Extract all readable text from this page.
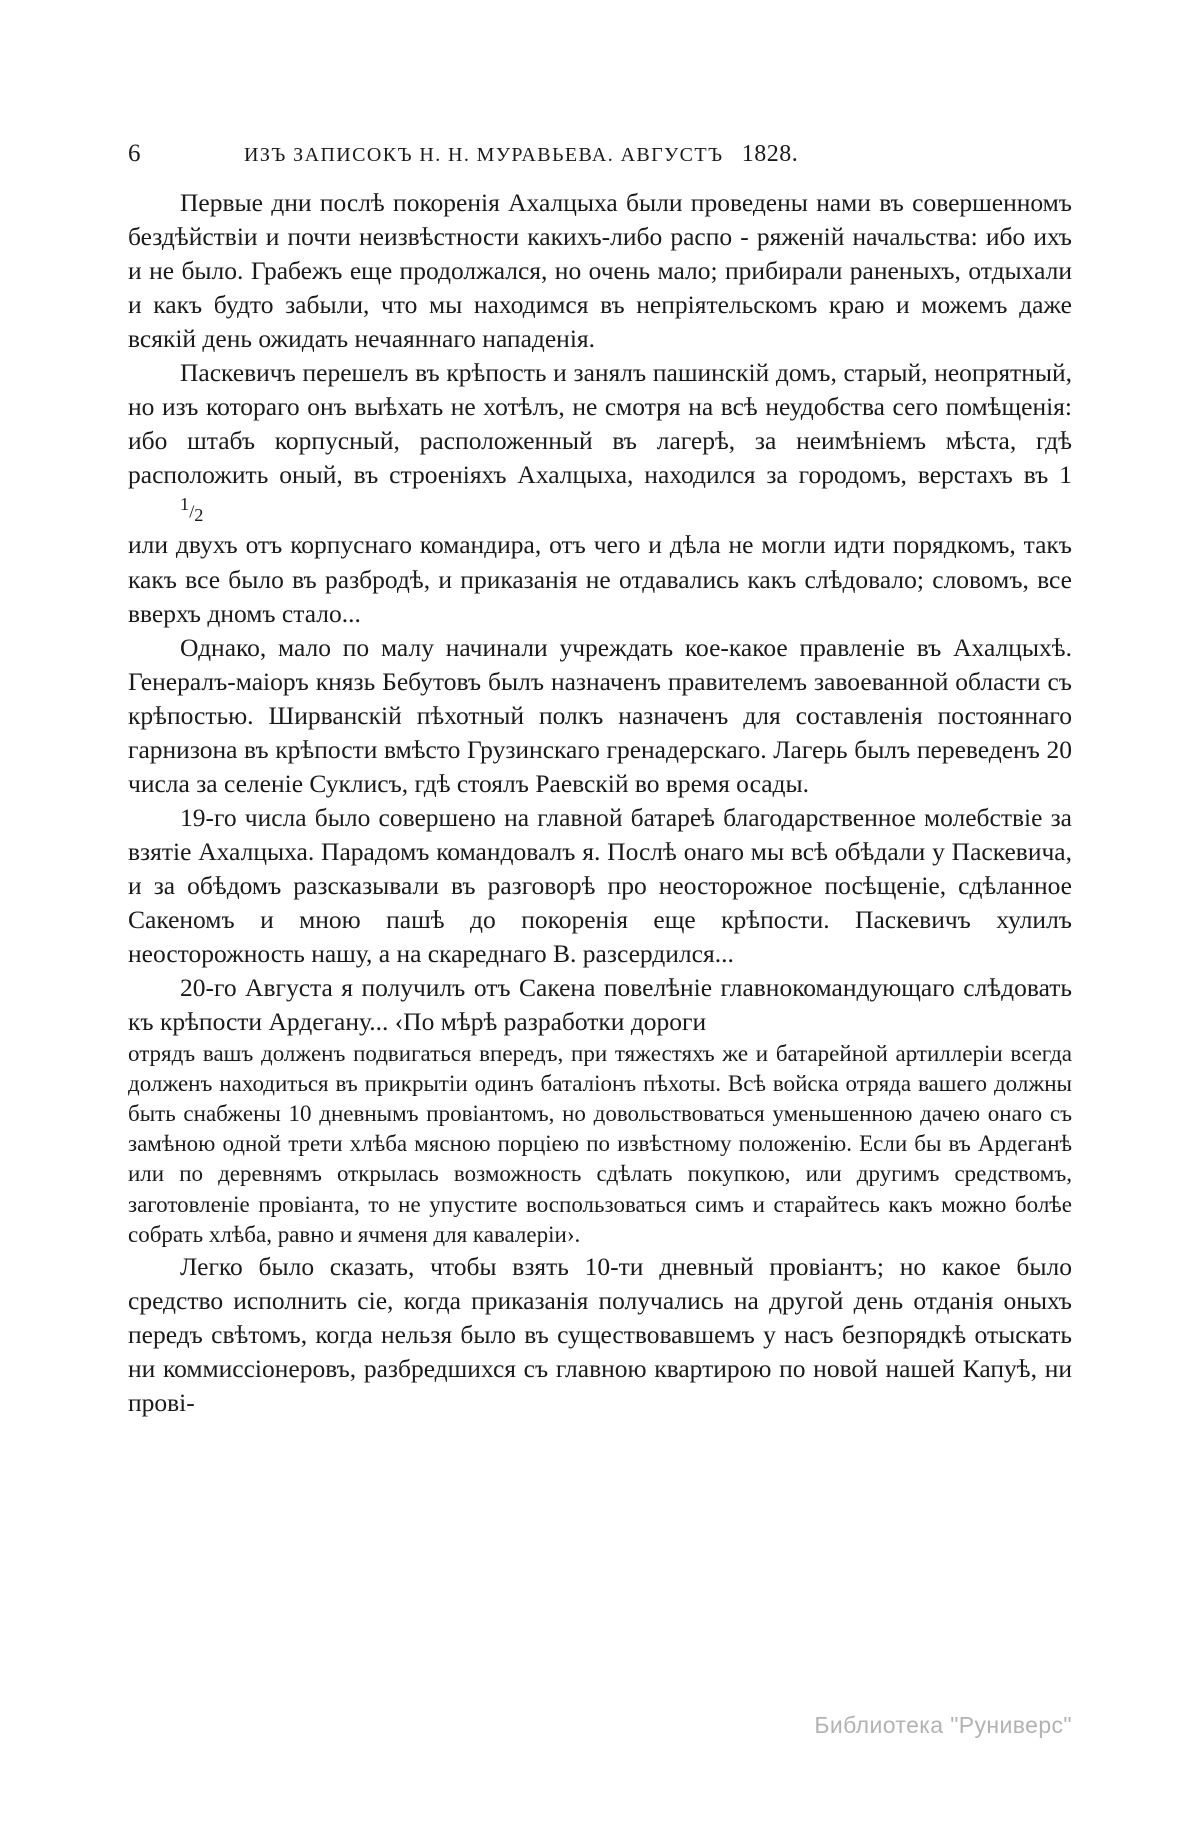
6	ИЗЪ ЗАПИСОКЪ Н. Н. МУРАВЬЕВА. АВГУСТЪ 1828.

Первые дни послѣ покоренія Ахалцыха были проведены нами въ совершенномъ бездѣйствіи и почти неизвѣстности какихъ-либо распо - ряженій начальства: ибо ихъ и не было. Грабежъ еще продолжался, но очень мало; прибирали раненыхъ, отдыхали и какъ будто забыли, что мы находимся въ непріятельскомъ краю и можемъ даже всякій день ожидать нечаяннаго нападенія.

Паскевичъ перешелъ въ крѣпость и занялъ пашинскій домъ, старый, неопрятный, но изъ котораго онъ выѣхать не хотѣлъ, не смотря на всѣ неудобства сего помѣщенія: ибо штабъ корпусный, расположенный въ лагерѣ, за неимѣніемъ мѣста, гдѣ расположить оный, въ строеніяхъ Ахалцыха, находился за городомъ, верстахъ въ $1^1/_2$

или двухъ отъ корпуснаго командира, отъ чего и дѣла не могли идти порядкомъ, такъ какъ все было въ разбродѣ, и приказанія не отдавались какъ слѣдовало; словомъ, все вверхъ дномъ стало...

Однако, мало по малу начинали учреждать кое-какое правленіе въ Ахалцыхѣ. Генералъ-маіоръ князь Бебутовъ былъ назначенъ правителемъ завоеванной области съ крѣпостью. Ширванскій пѣхотный полкъ назначенъ для составленія постояннаго гарнизона въ крѣпости вмѣсто Грузинскаго гренадерскаго. Лагерь былъ переведенъ 20 числа за селеніе Суклисъ, гдѣ стоялъ Раевскій во время осады.

19-го числа было совершено на главной батареѣ благодарственное молебствіе за взятіе Ахалцыха. Парадомъ командовалъ я. Послѣ онаго мы всѣ обѣдали у Паскевича, и за обѣдомъ разсказывали въ разговорѣ про неосторожное посѣщеніе, сдѣланное Сакеномъ и мною пашѣ до покоренія еще крѣпости. Паскевичъ хулилъ неосторожность нашу, а на скареднаго В. разсердился...

20-го Августа я получилъ отъ Сакена повелѣніе главнокомандующаго слѣдовать къ крѣпости Ардегану... ‹По мѣрѣ разработки дороги

отрядъ вашъ долженъ подвигаться впередъ, при тяжестяхъ же и батарейной артиллеріи всегда долженъ находиться въ прикрытіи одинъ баталіонъ пѣхоты. Всѣ войска отряда вашего должны быть снабжены 10 дневнымъ провіантомъ, но довольствоваться уменьшенною дачею онаго съ замѣною одной трети хлѣба мясною порціею по извѣстному положенію. Если бы въ Ардеганѣ или по деревнямъ открылась возможность сдѣлать покупкою, или другимъ средствомъ, заготовленіе провіанта, то не упустите воспользоваться симъ и старайтесь какъ можно болѣе собрать хлѣба, равно и ячменя для кавалеріи›.

Легко было сказать, чтобы взять 10-ти дневный провіантъ; но какое было средство исполнить сіе, когда приказанія получались на другой день отданія оныхъ передъ свѣтомъ, когда нельзя было въ существовавшемъ у насъ безпорядкѣ отыскать ни коммиссіонеровъ, разбредшихся съ главною квартирою по новой нашей Капуѣ, ни прові-

Библиотека "Руниверс"
